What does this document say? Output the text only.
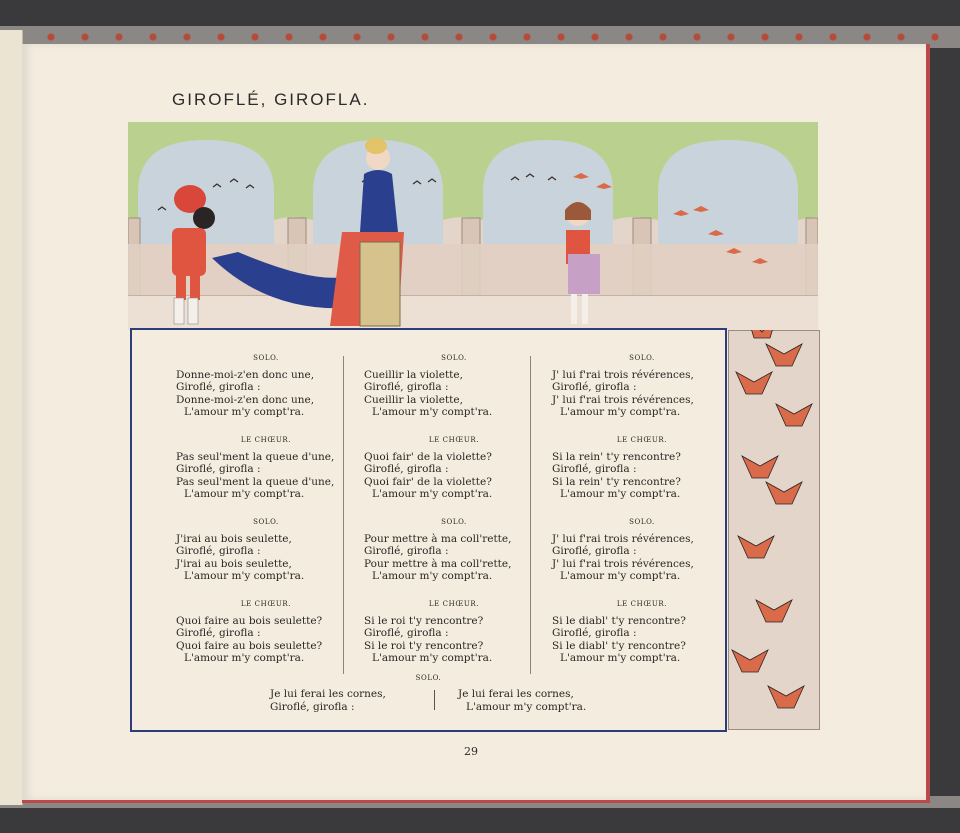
GIROFLÉ, GIROFLA.
SOLO.
Donne-moi-z'en donc une,
Giroflé, girofla :
Donne-moi-z'en donc une,
L'amour m'y compt'ra.
LE CHŒUR.
Pas seul'ment la queue d'une,
Giroflé, girofla :
Pas seul'ment la queue d'une,
L'amour m'y compt'ra.
SOLO.
J'irai au bois seulette,
Giroflé, girofla :
J'irai au bois seulette,
L'amour m'y compt'ra.
LE CHŒUR.
Quoi faire au bois seulette?
Giroflé, girofla :
Quoi faire au bois seulette?
L'amour m'y compt'ra.
SOLO.
Cueillir la violette,
Giroflé, girofla :
Cueillir la violette,
L'amour m'y compt'ra.
LE CHŒUR.
Quoi fair' de la violette?
Giroflé, girofla :
Quoi fair' de la violette?
L'amour m'y compt'ra.
SOLO.
Pour mettre à ma coll'rette,
Giroflé, girofla :
Pour mettre à ma coll'rette,
L'amour m'y compt'ra.
LE CHŒUR.
Si le roi t'y rencontre?
Giroflé, girofla :
Si le roi t'y rencontre?
L'amour m'y compt'ra.
SOLO.
J' lui f'rai trois révérences,
Giroflé, girofla :
J' lui f'rai trois révérences,
L'amour m'y compt'ra.
LE CHŒUR.
Si la rein' t'y rencontre?
Giroflé, girofla :
Si la rein' t'y rencontre?
L'amour m'y compt'ra.
SOLO.
J' lui f'rai trois révérences,
Giroflé, girofla :
J' lui f'rai trois révérences,
L'amour m'y compt'ra.
LE CHŒUR.
Si le diabl' t'y rencontre?
Giroflé, girofla :
Si le diabl' t'y rencontre?
L'amour m'y compt'ra.
SOLO.
Je lui ferai les cornes,
Giroflé, girofla :
Je lui ferai les cornes,
L'amour m'y compt'ra.
29
